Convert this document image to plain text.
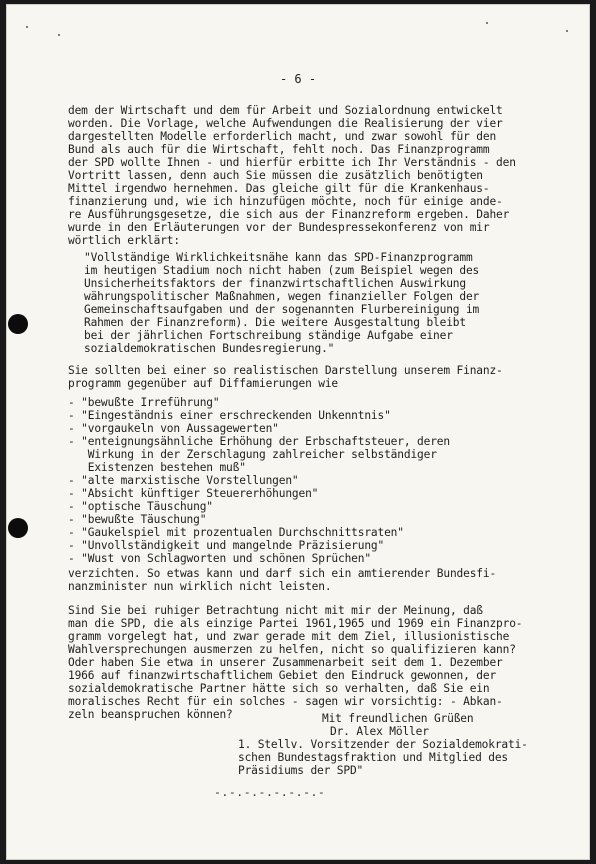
- 6 -
dem der Wirtschaft und dem für Arbeit und Sozialordnung entwickelt
worden. Die Vorlage, welche Aufwendungen die Realisierung der vier
dargestellten Modelle erforderlich macht, und zwar sowohl für den
Bund als auch für die Wirtschaft, fehlt noch. Das Finanzprogramm
der SPD wollte Ihnen - und hierfür erbitte ich Ihr Verständnis - den
Vortritt lassen, denn auch Sie müssen die zusätzlich benötigten
Mittel irgendwo hernehmen. Das gleiche gilt für die Krankenhaus-
finanzierung und, wie ich hinzufügen möchte, noch für einige ande-
re Ausführungsgesetze, die sich aus der Finanzreform ergeben. Daher
wurde in den Erläuterungen vor der Bundespressekonferenz von mir
wörtlich erklärt:
"Vollständige Wirklichkeitsnähe kann das SPD-Finanzprogramm
im heutigen Stadium noch nicht haben (zum Beispiel wegen des
Unsicherheitsfaktors der finanzwirtschaftlichen Auswirkung
währungspolitischer Maßnahmen, wegen finanzieller Folgen der
Gemeinschaftsaufgaben und der sogenannten Flurbereinigung im
Rahmen der Finanzreform). Die weitere Ausgestaltung bleibt
bei der jährlichen Fortschreibung ständige Aufgabe einer
sozialdemokratischen Bundesregierung."
Sie sollten bei einer so realistischen Darstellung unserem Finanz-
programm gegenüber auf Diffamierungen wie
- "bewußte Irreführung"
- "Eingeständnis einer erschreckenden Unkenntnis"
- "vorgaukeln von Aussagewerten"
- "enteignungsähnliche Erhöhung der Erbschaftsteuer, deren
Wirkung in der Zerschlagung zahlreicher selbständiger
Existenzen bestehen muß"
- "alte marxistische Vorstellungen"
- "Absicht künftiger Steuererhöhungen"
- "optische Täuschung"
- "bewußte Täuschung"
- "Gaukelspiel mit prozentualen Durchschnittsraten"
- "Unvollständigkeit und mangelnde Präzisierung"
- "Wust von Schlagworten und schönen Sprüchen"
verzichten. So etwas kann und darf sich ein amtierender Bundesfi-
nanzminister nun wirklich nicht leisten.
Sind Sie bei ruhiger Betrachtung nicht mit mir der Meinung, daß
man die SPD, die als einzige Partei 1961,1965 und 1969 ein Finanzpro-
gramm vorgelegt hat, und zwar gerade mit dem Ziel, illusionistische
Wahlversprechungen ausmerzen zu helfen, nicht so qualifizieren kann?
Oder haben Sie etwa in unserer Zusammenarbeit seit dem 1. Dezember
1966 auf finanzwirtschaftlichem Gebiet den Eindruck gewonnen, der
sozialdemokratische Partner hätte sich so verhalten, daß Sie ein
moralisches Recht für ein solches - sagen wir vorsichtig: - Abkan-
zeln beanspruchen können?	Mit freundlichen Grüßen
Dr. Alex Möller
1. Stellv. Vorsitzender der Sozialdemokrati-
schen Bundestagsfraktion und Mitglied des
Präsidiums der SPD"
-.-.-.-.-.-.-.-
